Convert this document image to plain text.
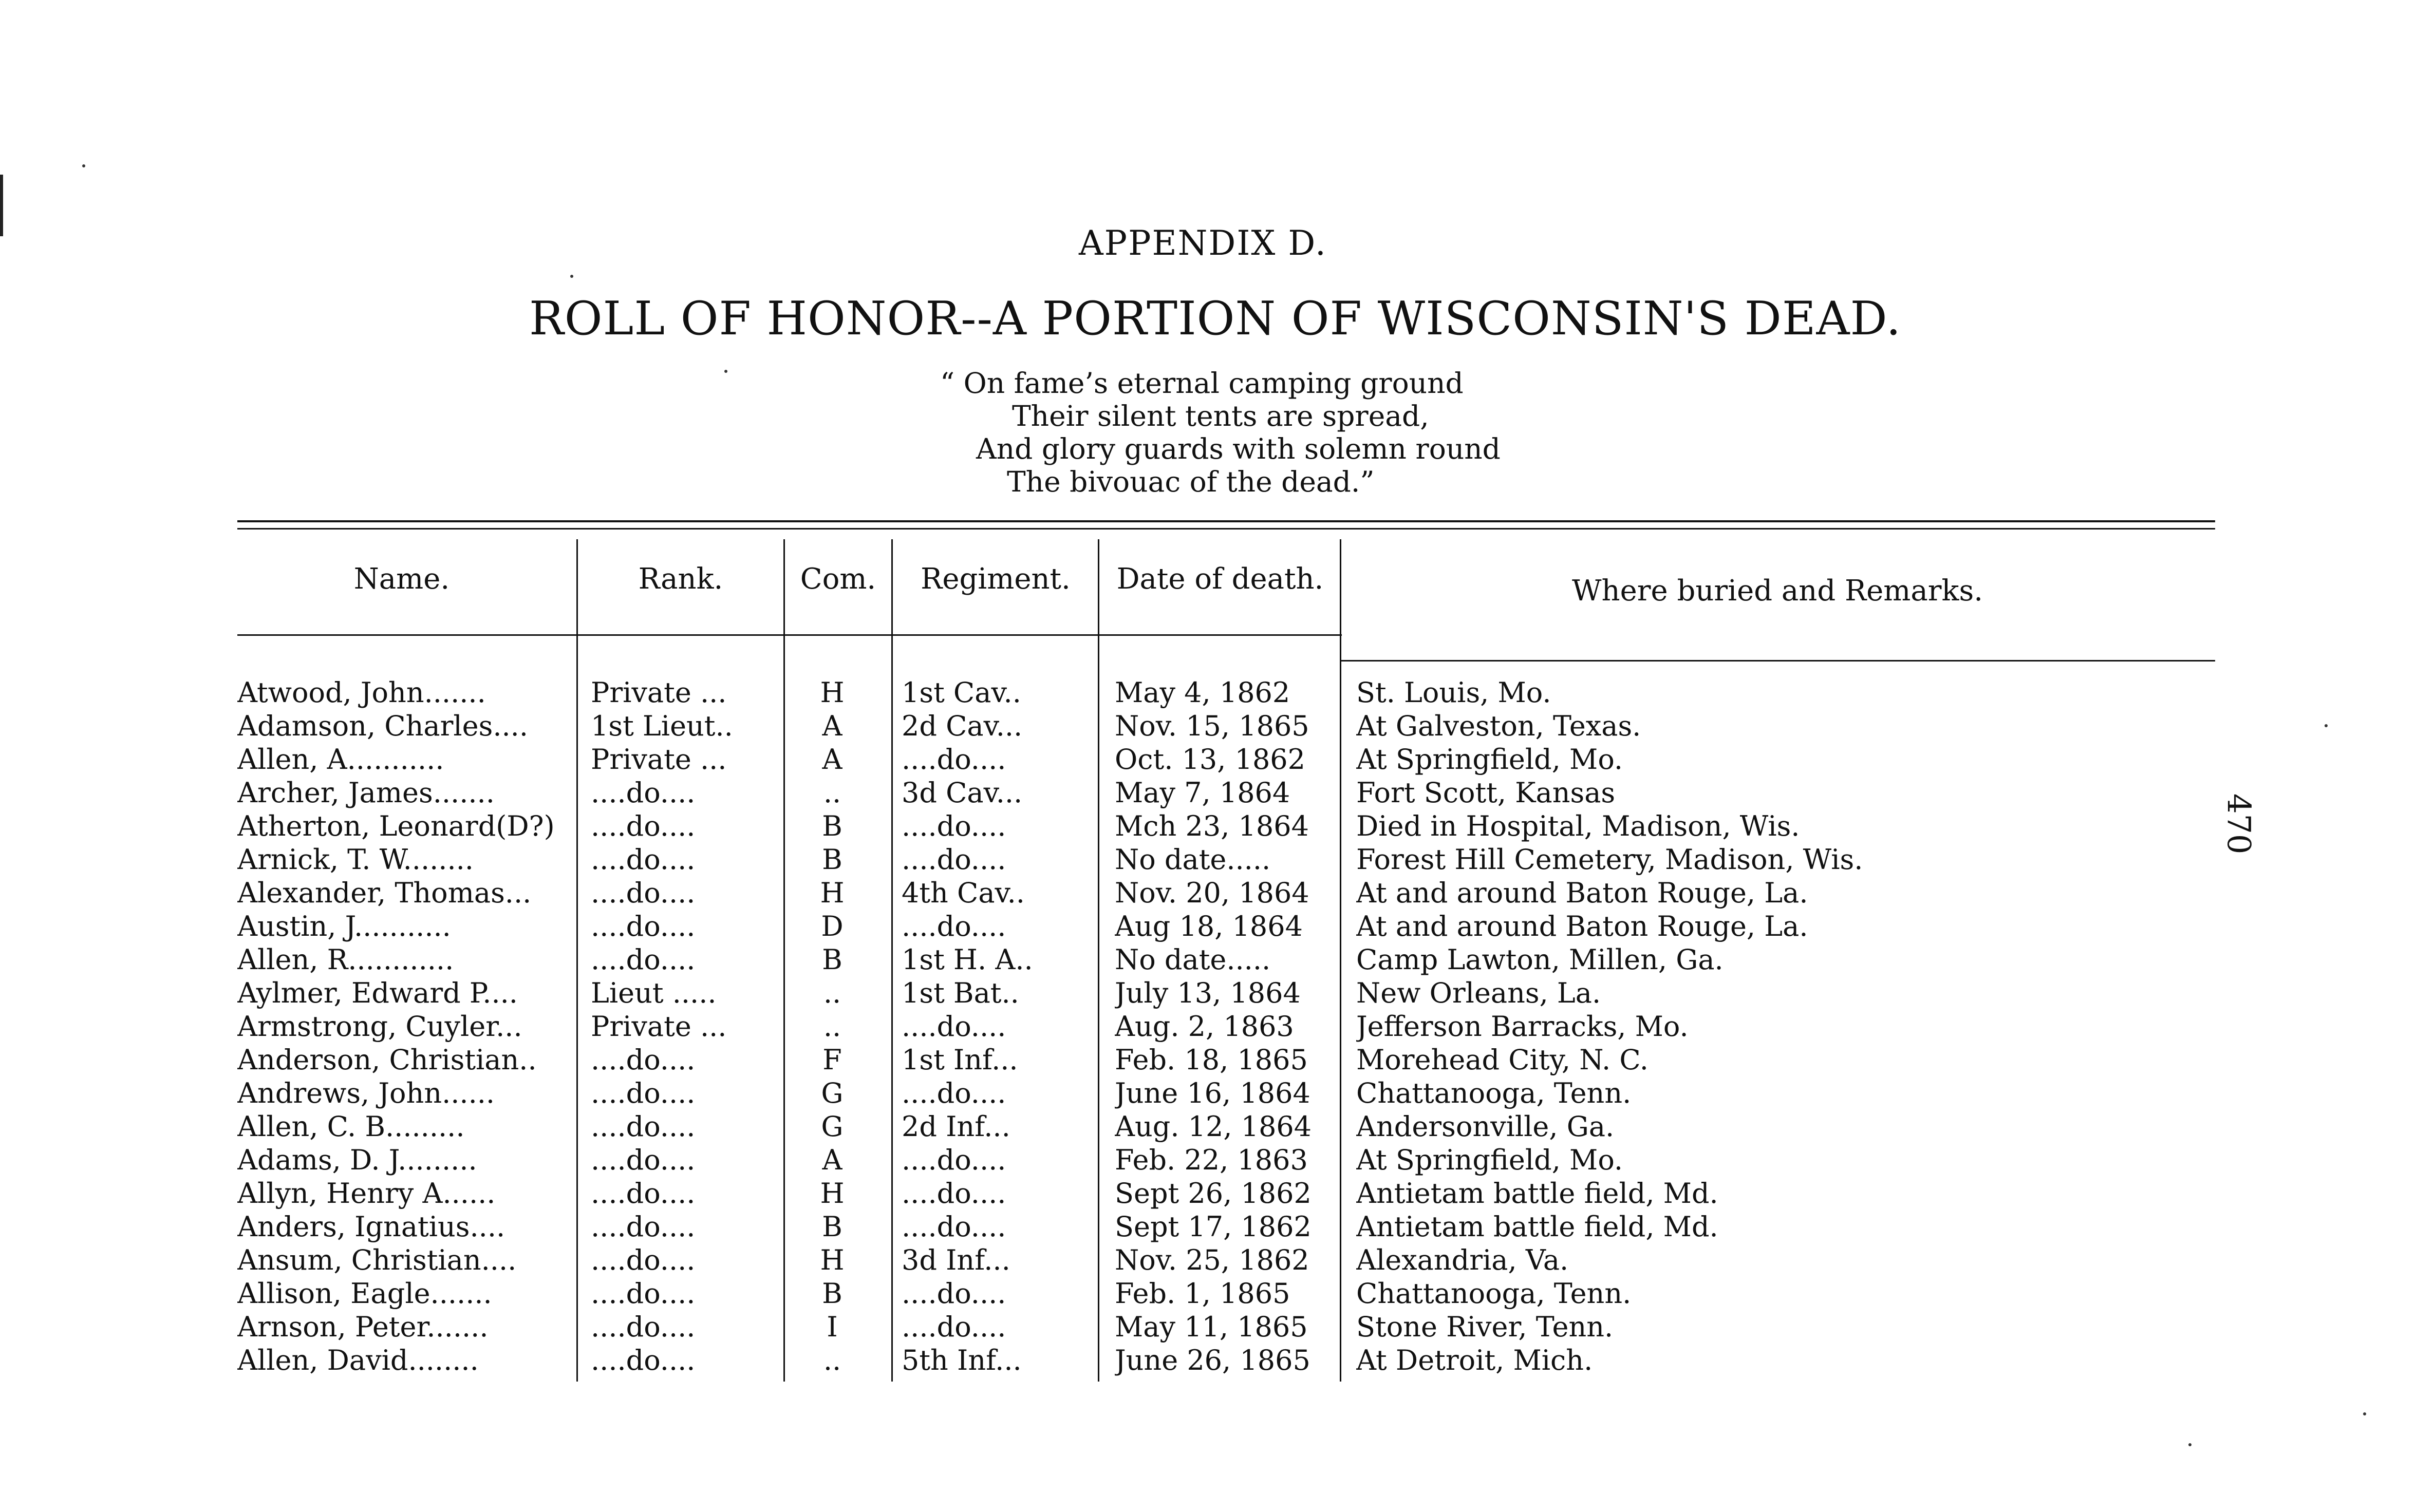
APPENDIX D.
ROLL OF HONOR--A PORTION OF WISCONSIN'S DEAD.
“ On fame’s eternal camping ground
Their silent tents are spread,
And glory guards with solemn round
The bivouac of the dead.”
Name.	Rank.	Com.	Regiment.	Date of death.	Where buried and Remarks.
Atwood, John.......	Private ...	H	1st Cav..	May 4, 1862	St. Louis, Mo.
Adamson, Charles....	1st Lieut..	A	2d Cav...	Nov. 15, 1865	At Galveston, Texas.
Allen, A...........	Private ...	A	....do....	Oct. 13, 1862	At Springfield, Mo.
Archer, James.......	....do....	..	3d Cav...	May 7, 1864	Fort Scott, Kansas
Atherton, Leonard(D?)	....do....	B	....do....	Mch 23, 1864	Died in Hospital, Madison, Wis.
Arnick, T. W........	....do....	B	....do....	No date.....	Forest Hill Cemetery, Madison, Wis.
Alexander, Thomas...	....do....	H	4th Cav..	Nov. 20, 1864	At and around Baton Rouge, La.
Austin, J...........	....do....	D	....do....	Aug 18, 1864	At and around Baton Rouge, La.
Allen, R............	....do....	B	1st H. A..	No date.....	Camp Lawton, Millen, Ga.
Aylmer, Edward P....	Lieut .....	..	1st Bat..	July 13, 1864	New Orleans, La.
Armstrong, Cuyler...	Private ...	..	....do....	Aug. 2, 1863	Jefferson Barracks, Mo.
Anderson, Christian..	....do....	F	1st Inf...	Feb. 18, 1865	Morehead City, N. C.
Andrews, John......	....do....	G	....do....	June 16, 1864	Chattanooga, Tenn.
Allen, C. B.........	....do....	G	2d Inf...	Aug. 12, 1864	Andersonville, Ga.
Adams, D. J.........	....do....	A	....do....	Feb. 22, 1863	At Springfield, Mo.
Allyn, Henry A......	....do....	H	....do....	Sept 26, 1862	Antietam battle field, Md.
Anders, Ignatius....	....do....	B	....do....	Sept 17, 1862	Antietam battle field, Md.
Ansum, Christian....	....do....	H	3d Inf...	Nov. 25, 1862	Alexandria, Va.
Allison, Eagle.......	....do....	B	....do....	Feb. 1, 1865	Chattanooga, Tenn.
Arnson, Peter.......	....do....	I	....do....	May 11, 1865	Stone River, Tenn.
Allen, David........	....do....	..	5th Inf...	June 26, 1865	At Detroit, Mich.
470
